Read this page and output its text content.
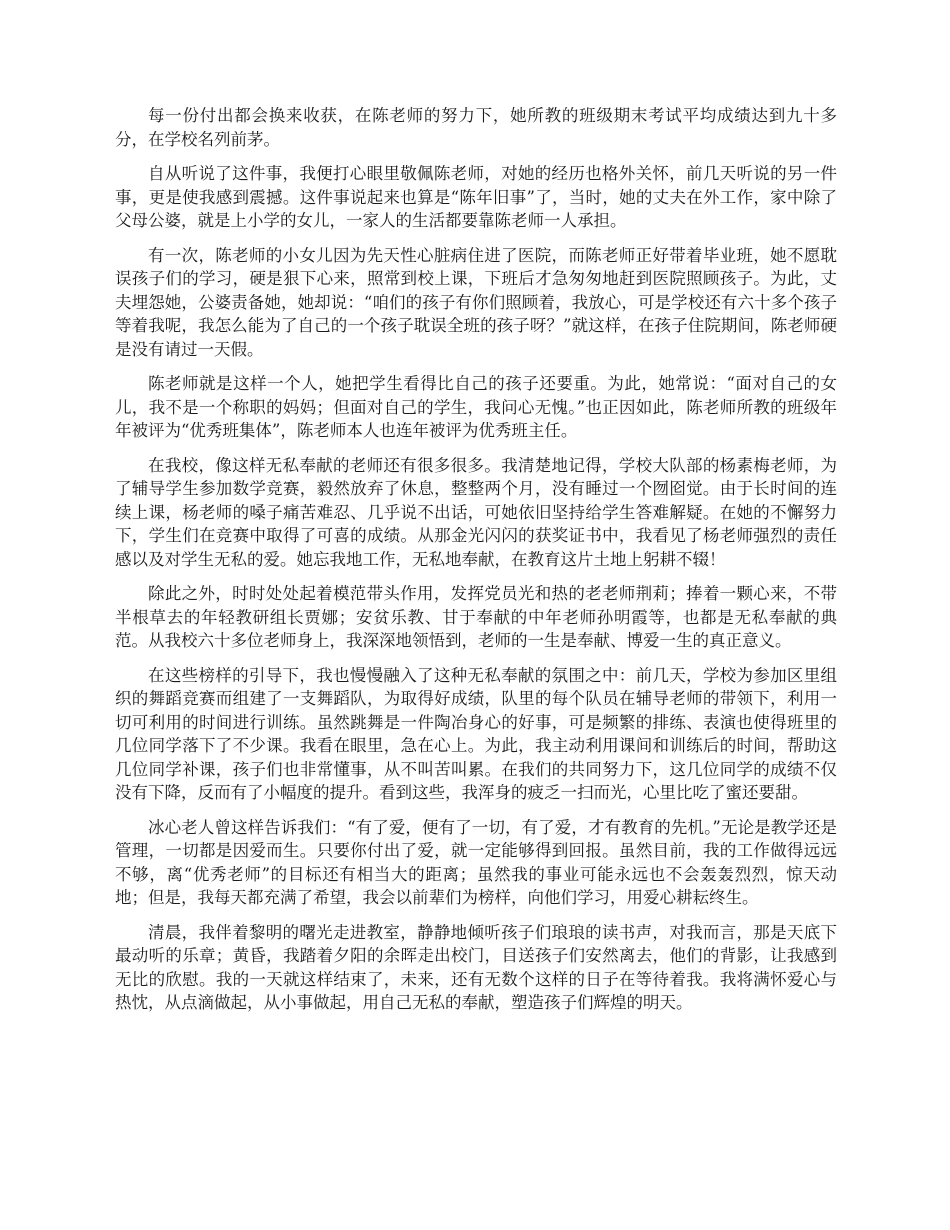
每一份付出都会换来收获，在陈老师的努力下，她所教的班级期末考试平均成绩达到九十多分，在学校名列前茅。

自从听说了这件事，我便打心眼里敬佩陈老师，对她的经历也格外关怀，前几天听说的另一件事，更是使我感到震撼。这件事说起来也算是“陈年旧事”了，当时，她的丈夫在外工作，家中除了父母公婆，就是上小学的女儿，一家人的生活都要靠陈老师一人承担。

有一次，陈老师的小女儿因为先天性心脏病住进了医院，而陈老师正好带着毕业班，她不愿耽误孩子们的学习，硬是狠下心来，照常到校上课，下班后才急匆匆地赶到医院照顾孩子。为此，丈夫埋怨她，公婆责备她，她却说：“咱们的孩子有你们照顾着，我放心，可是学校还有六十多个孩子等着我呢，我怎么能为了自己的一个孩子耽误全班的孩子呀？”就这样，在孩子住院期间，陈老师硬是没有请过一天假。

陈老师就是这样一个人，她把学生看得比自己的孩子还要重。为此，她常说：“面对自己的女儿，我不是一个称职的妈妈；但面对自己的学生，我问心无愧。”也正因如此，陈老师所教的班级年年被评为“优秀班集体”，陈老师本人也连年被评为优秀班主任。

在我校，像这样无私奉献的老师还有很多很多。我清楚地记得，学校大队部的杨素梅老师，为了辅导学生参加数学竞赛，毅然放弃了休息，整整两个月，没有睡过一个囫囵觉。由于长时间的连续上课，杨老师的嗓子痛苦难忍、几乎说不出话，可她依旧坚持给学生答难解疑。在她的不懈努力下，学生们在竞赛中取得了可喜的成绩。从那金光闪闪的获奖证书中，我看见了杨老师强烈的责任感以及对学生无私的爱。她忘我地工作，无私地奉献，在教育这片土地上躬耕不辍！

除此之外，时时处处起着模范带头作用，发挥党员光和热的老老师荆莉；捧着一颗心来，不带半根草去的年轻教研组长贾娜；安贫乐教、甘于奉献的中年老师孙明霞等，也都是无私奉献的典范。从我校六十多位老师身上，我深深地领悟到，老师的一生是奉献、博爱一生的真正意义。

在这些榜样的引导下，我也慢慢融入了这种无私奉献的氛围之中：前几天，学校为参加区里组织的舞蹈竞赛而组建了一支舞蹈队，为取得好成绩，队里的每个队员在辅导老师的带领下，利用一切可利用的时间进行训练。虽然跳舞是一件陶冶身心的好事，可是频繁的排练、表演也使得班里的几位同学落下了不少课。我看在眼里，急在心上。为此，我主动利用课间和训练后的时间，帮助这几位同学补课，孩子们也非常懂事，从不叫苦叫累。在我们的共同努力下，这几位同学的成绩不仅没有下降，反而有了小幅度的提升。看到这些，我浑身的疲乏一扫而光，心里比吃了蜜还要甜。

冰心老人曾这样告诉我们：“有了爱，便有了一切，有了爱，才有教育的先机。”无论是教学还是管理，一切都是因爱而生。只要你付出了爱，就一定能够得到回报。虽然目前，我的工作做得远远不够，离“优秀老师”的目标还有相当大的距离；虽然我的事业可能永远也不会轰轰烈烈，惊天动地；但是，我每天都充满了希望，我会以前辈们为榜样，向他们学习，用爱心耕耘终生。

清晨，我伴着黎明的曙光走进教室，静静地倾听孩子们琅琅的读书声，对我而言，那是天底下最动听的乐章；黄昏，我踏着夕阳的余晖走出校门，目送孩子们安然离去，他们的背影，让我感到无比的欣慰。我的一天就这样结束了，未来，还有无数个这样的日子在等待着我。我将满怀爱心与热忱，从点滴做起，从小事做起，用自己无私的奉献，塑造孩子们辉煌的明天。
